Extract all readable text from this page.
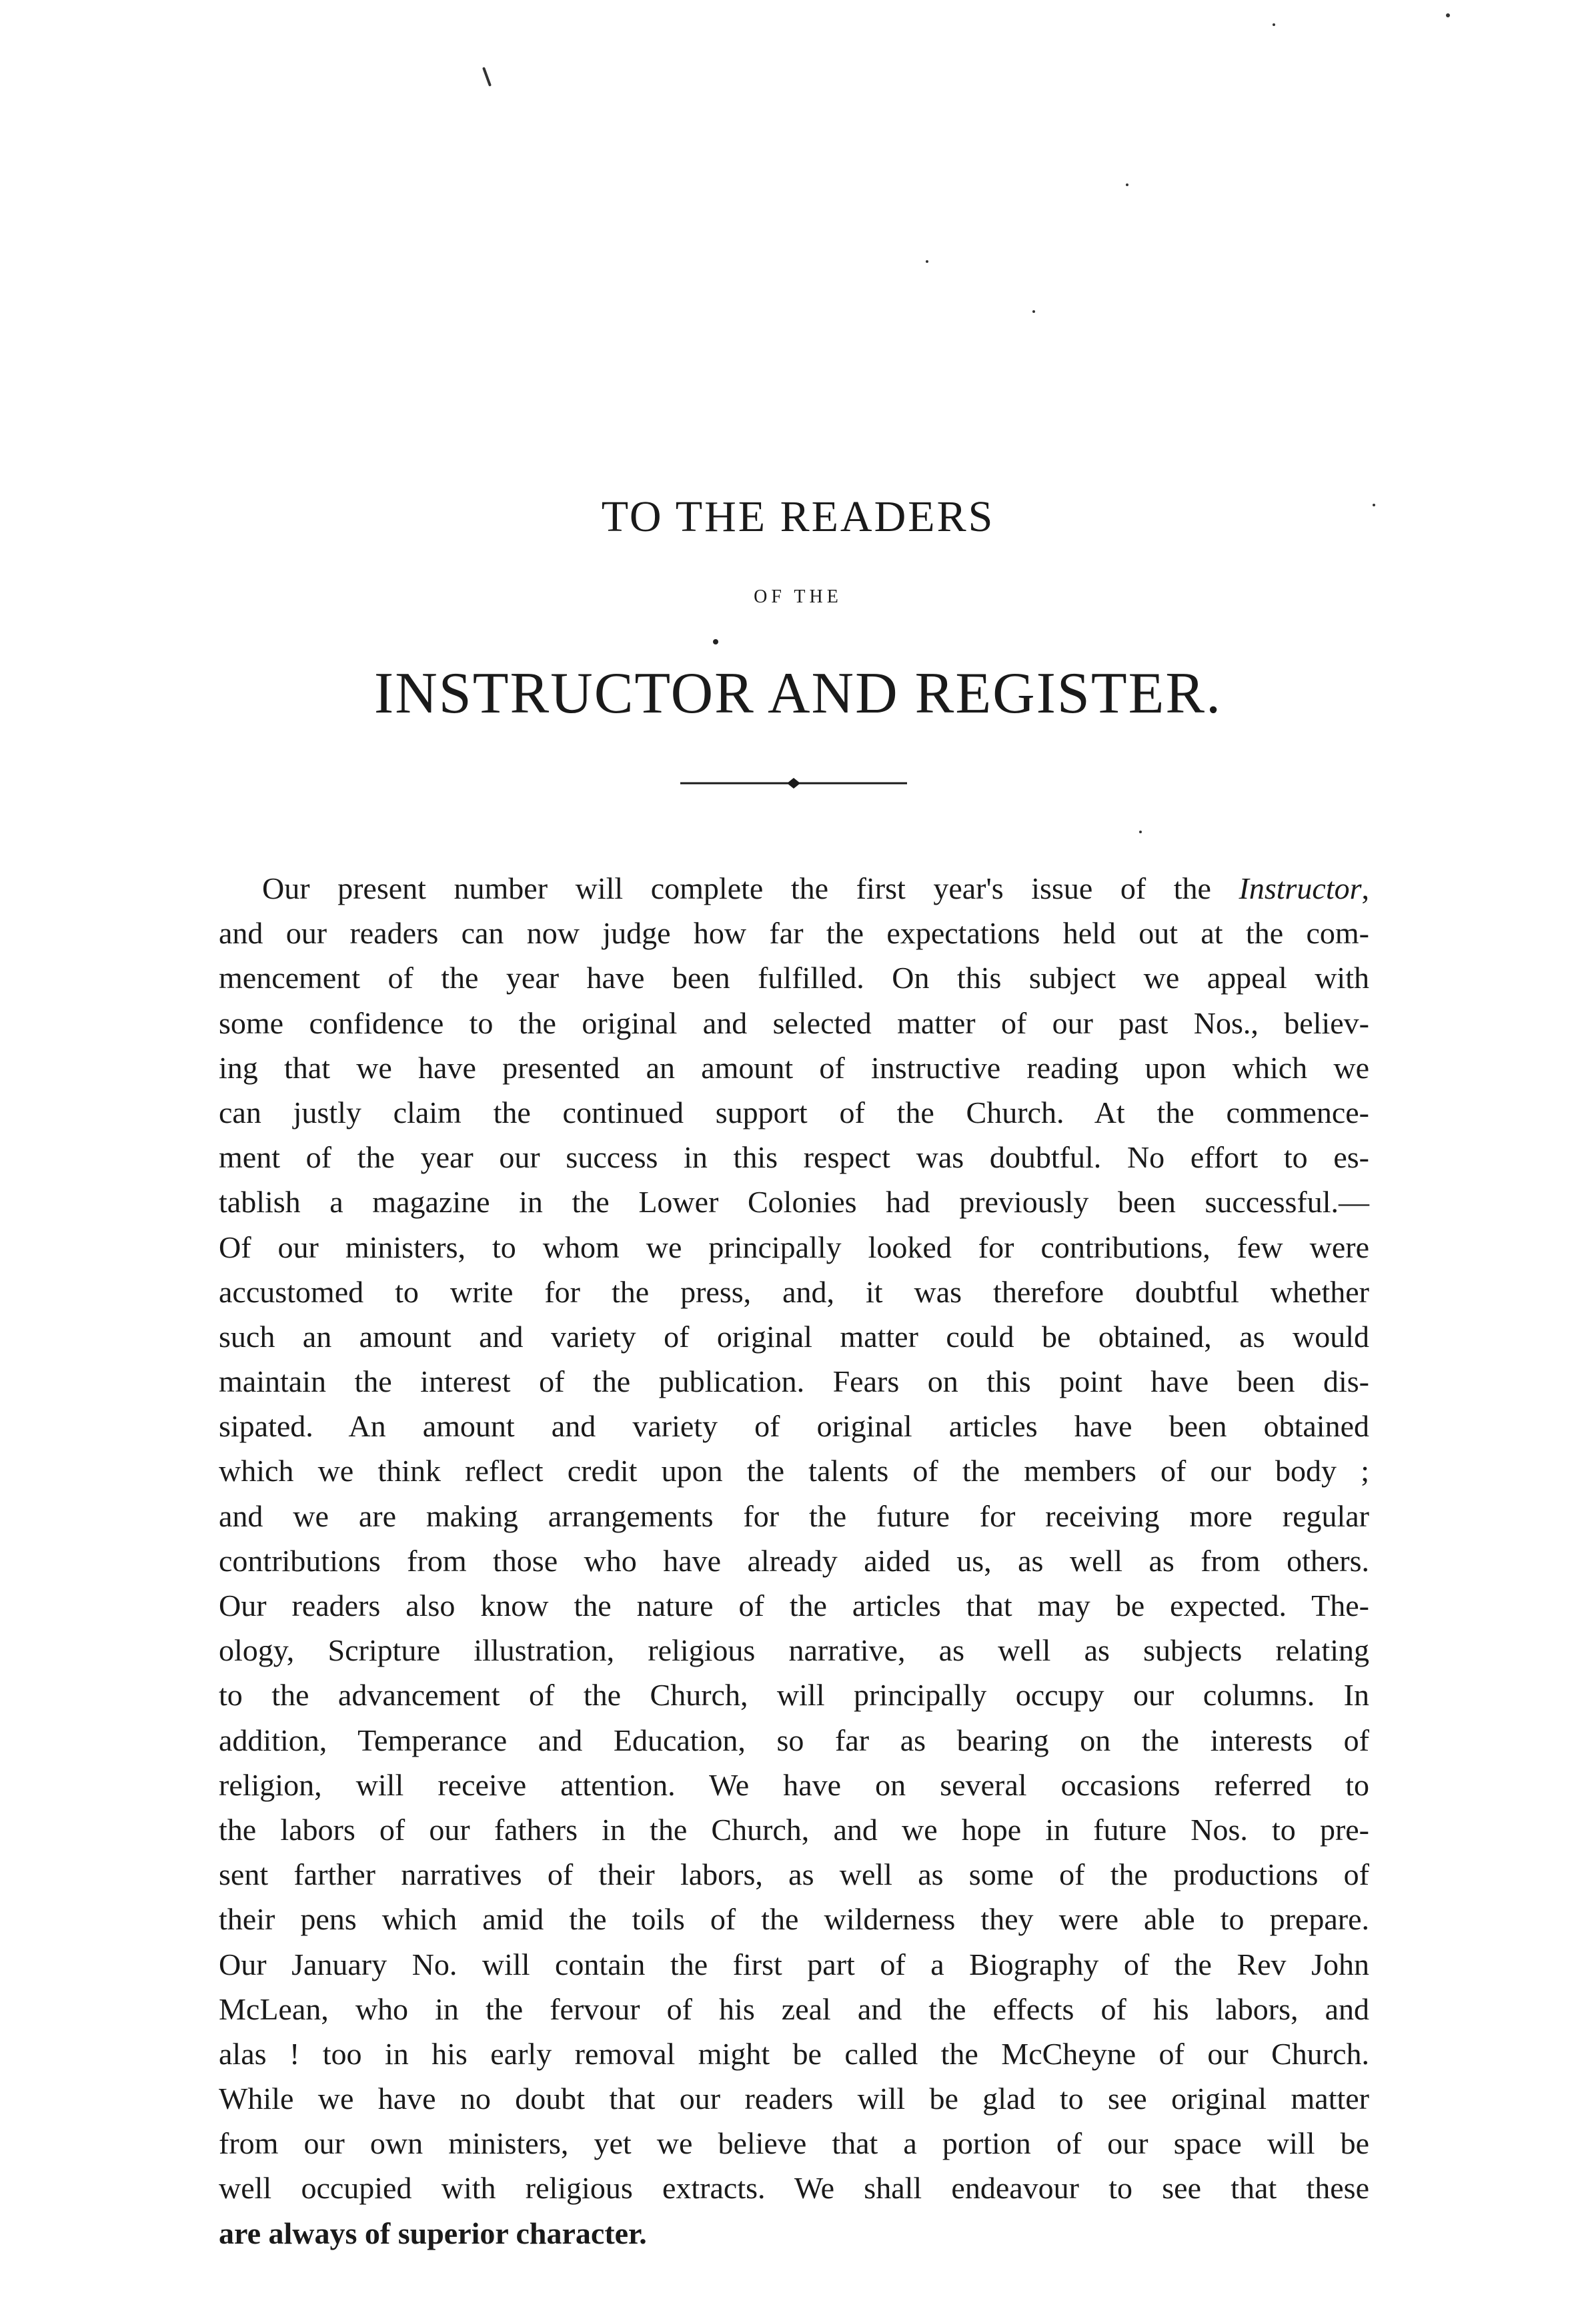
TO THE READERS
OF THE
INSTRUCTOR AND REGISTER.
Our present number will complete the first year's issue of the Instructor,
and our readers can now judge how far the expectations held out at the com-
mencement of the year have been fulfilled. On this subject we appeal with
some confidence to the original and selected matter of our past Nos., believ-
ing that we have presented an amount of instructive reading upon which we
can justly claim the continued support of the Church. At the commence-
ment of the year our success in this respect was doubtful. No effort to es-
tablish a magazine in the Lower Colonies had previously been successful.—
Of our ministers, to whom we principally looked for contributions, few were
accustomed to write for the press, and, it was therefore doubtful whether
such an amount and variety of original matter could be obtained, as would
maintain the interest of the publication. Fears on this point have been dis-
sipated. An amount and variety of original articles have been obtained
which we think reflect credit upon the talents of the members of our body ;
and we are making arrangements for the future for receiving more regular
contributions from those who have already aided us, as well as from others.
Our readers also know the nature of the articles that may be expected. The-
ology, Scripture illustration, religious narrative, as well as subjects relating
to the advancement of the Church, will principally occupy our columns. In
addition, Temperance and Education, so far as bearing on the interests of
religion, will receive attention. We have on several occasions referred to
the labors of our fathers in the Church, and we hope in future Nos. to pre-
sent farther narratives of their labors, as well as some of the productions of
their pens which amid the toils of the wilderness they were able to prepare.
Our January No. will contain the first part of a Biography of the Rev John
McLean, who in the fervour of his zeal and the effects of his labors, and
alas ! too in his early removal might be called the McCheyne of our Church.
While we have no doubt that our readers will be glad to see original matter
from our own ministers, yet we believe that a portion of our space will be
well occupied with religious extracts. We shall endeavour to see that these
are always of superior character.
